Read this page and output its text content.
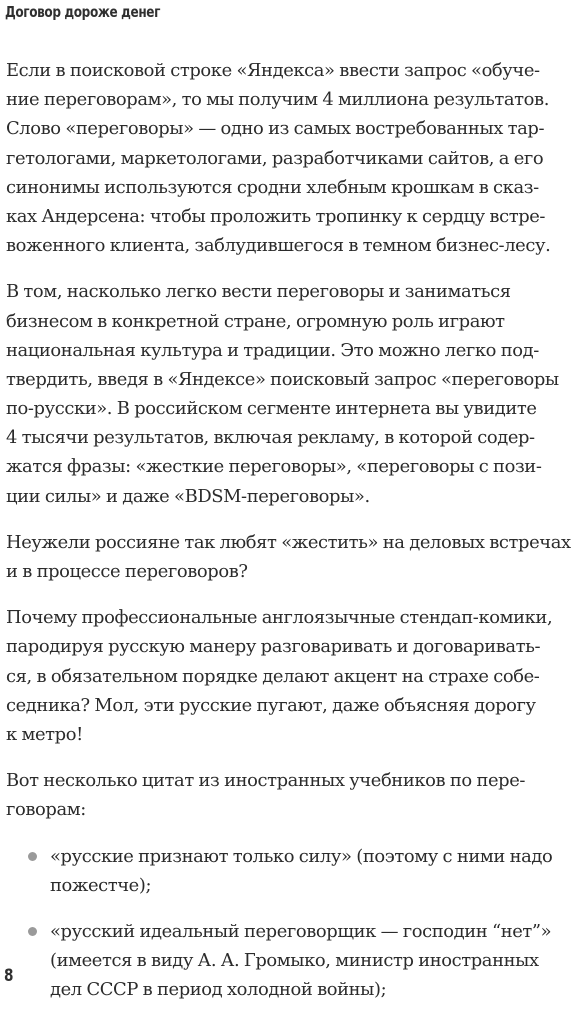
Договор дороже денег
Если в поисковой строке «Яндекса» ввести запрос «обуче-
ние переговорам», то мы получим 4 миллиона результатов.
Слово «переговоры» — одно из самых востребованных тар-
гетологами, маркетологами, разработчиками сайтов, а его
синонимы используются сродни хлебным крошкам в сказ-
ках Андерсена: чтобы проложить тропинку к сердцу встре-
воженного клиента, заблудившегося в темном бизнес-лесу.
В том, насколько легко вести переговоры и заниматься
бизнесом в конкретной стране, огромную роль играют
национальная культура и традиции. Это можно легко под-
твердить, введя в «Яндексе» поисковый запрос «переговоры
по-русски». В российском сегменте интернета вы увидите
4 тысячи результатов, включая рекламу, в которой содер-
жатся фразы: «жесткие переговоры», «переговоры с пози-
ции силы» и даже «BDSM-переговоры».
Неужели россияне так любят «жестить» на деловых встречах
и в процессе переговоров?
Почему профессиональные англоязычные стендап-комики,
пародируя русскую манеру разговаривать и договаривать-
ся, в обязательном порядке делают акцент на страхе собе-
седника? Мол, эти русские пугают, даже объясняя дорогу
к метро!
Вот несколько цитат из иностранных учебников по пере-
говорам:
«русские признают только силу» (поэтому с ними надо
пожестче);
«русский идеальный переговорщик — господин “нет”»
(имеется в виду А. А. Громыко, министр иностранных
дел СССР в период холодной войны);
8
